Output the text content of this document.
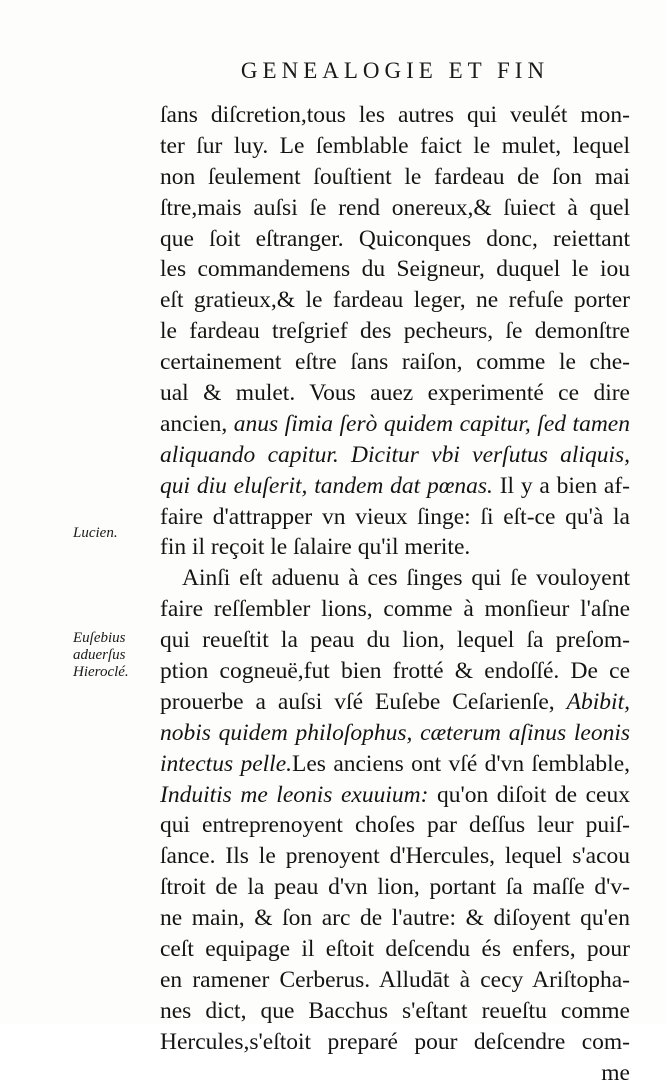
GENEALOGIE ET FIN
ſans diſcretion,tous les autres qui veulét mon-
ter ſur luy. Le ſemblable faict le mulet, lequel
non ſeulement ſouſtient le fardeau de ſon mai
ſtre,mais auſsi ſe rend onereux,& ſuiect à quel
que ſoit eſtranger. Quiconques donc, reiettant
les commandemens du Seigneur, duquel le iou
eſt gratieux,& le fardeau leger, ne refuſe porter
le fardeau treſgrief des pecheurs, ſe demonſtre
certainement eſtre ſans raiſon, comme le che-
ual & mulet. Vous auez experimenté ce dire
ancien, anus ſimia ſerò quidem capitur, ſed tamen
aliquando capitur. Dicitur vbi verſutus aliquis,
qui diu eluſerit, tandem dat pœnas. Il y a bien af-
faire d'attrapper vn vieux ſinge: ſi eſt-ce qu'à la
fin il reçoit le ſalaire qu'il merite.
Ainſi eſt aduenu à ces ſinges qui ſe vouloyent
faire reſſembler lions, comme à monſieur l'aſne
qui reueſtit la peau du lion, lequel ſa preſom-
ption cogneuë,fut bien frotté & endoſſé. De ce
prouerbe a auſsi vſé Euſebe Ceſarienſe, Abibit,
nobis quidem philoſophus, cæterum aſinus leonis
intectus pelle.Les anciens ont vſé d'vn ſemblable,
Induitis me leonis exuuium: qu'on diſoit de ceux
qui entreprenoyent choſes par deſſus leur puiſ-
ſance. Ils le prenoyent d'Hercules, lequel s'acou
ſtroit de la peau d'vn lion, portant ſa maſſe d'v-
ne main, & ſon arc de l'autre: & diſoyent qu'en
ceſt equipage il eſtoit deſcendu és enfers, pour
en ramener Cerberus. Alludāt à cecy Ariſtopha-
nes dict, que Bacchus s'eſtant reueſtu comme
Hercules,s'eſtoit preparé pour deſcendre com-
me
Lucien.
Euſebius
aduerſus
Hieroclé.
